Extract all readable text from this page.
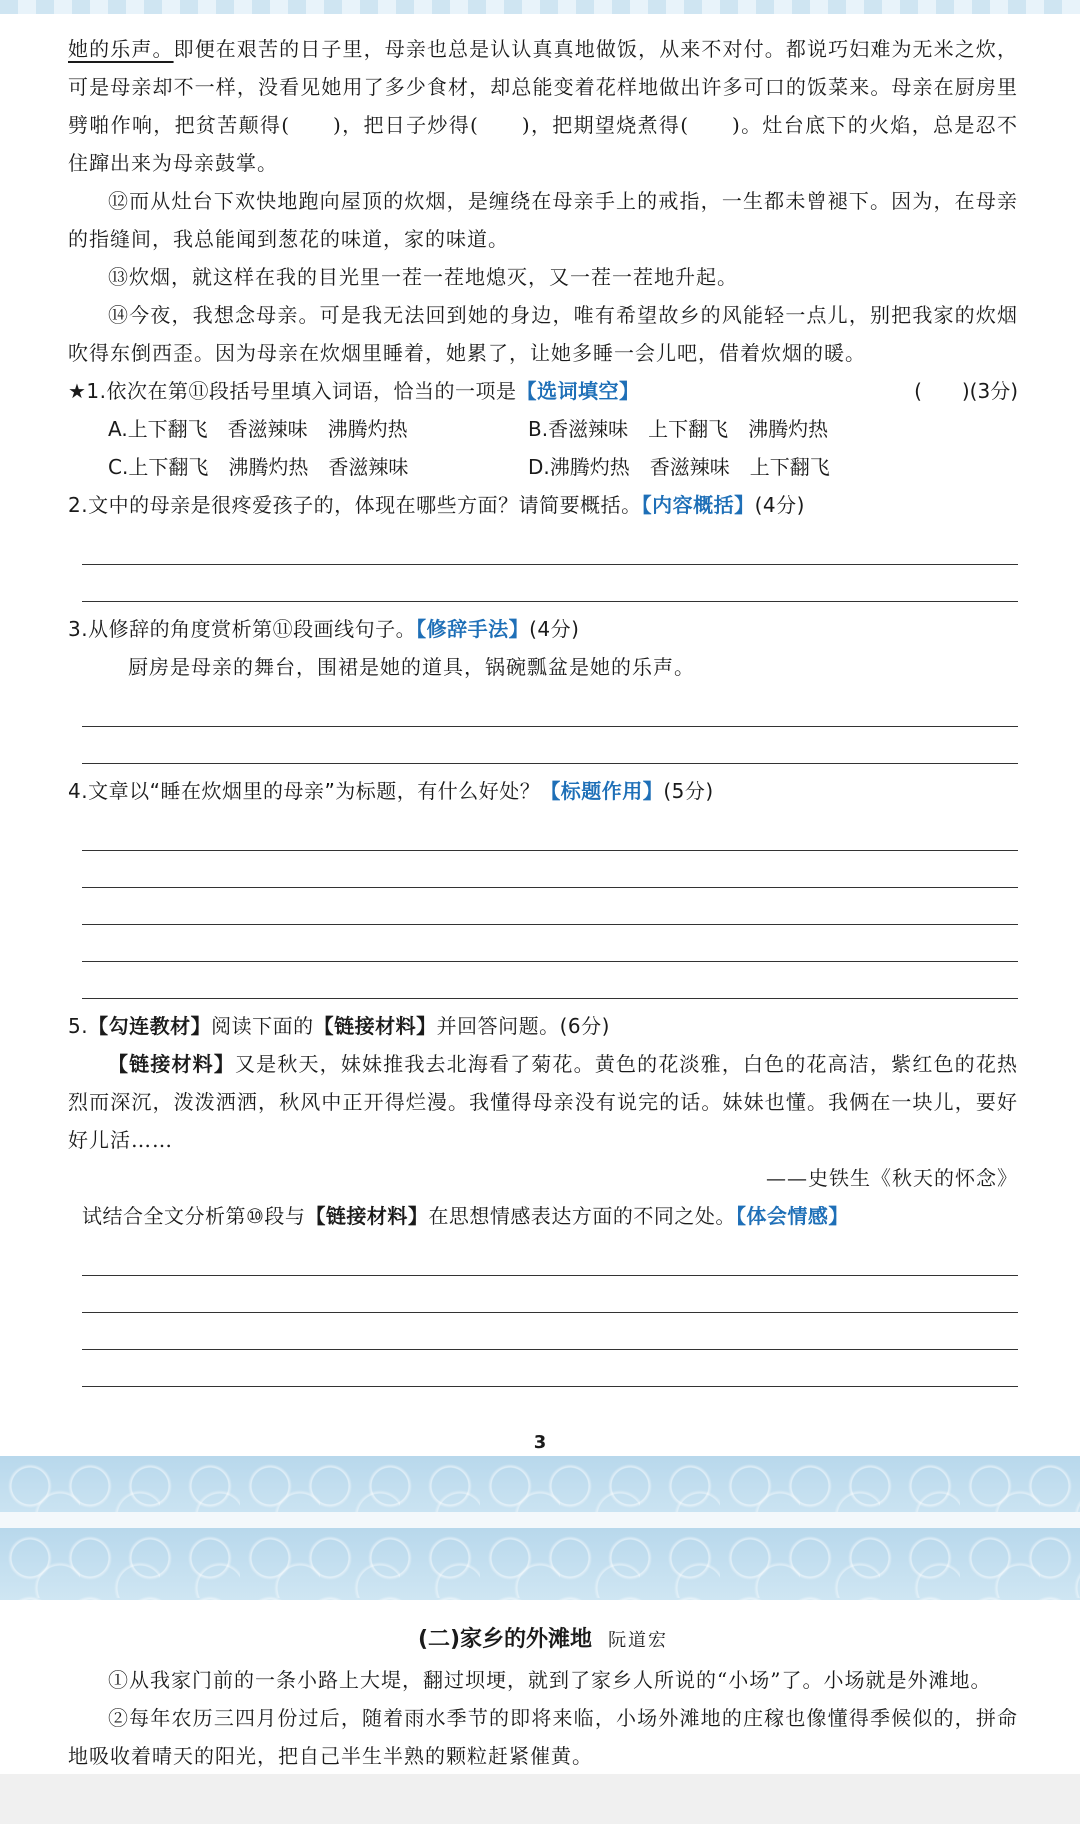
她的乐声。即便在艰苦的日子里，母亲也总是认认真真地做饭，从来不对付。都说巧妇难为无米之炊，可是母亲却不一样，没看见她用了多少食材，却总能变着花样地做出许多可口的饭菜来。母亲在厨房里劈啪作响，把贫苦颠得(　　)，把日子炒得(　　)，把期望烧煮得(　　)。灶台底下的火焰，总是忍不住蹿出来为母亲鼓掌。

⑫而从灶台下欢快地跑向屋顶的炊烟，是缠绕在母亲手上的戒指，一生都未曾褪下。因为，在母亲的指缝间，我总能闻到葱花的味道，家的味道。

⑬炊烟，就这样在我的目光里一茬一茬地熄灭，又一茬一茬地升起。

⑭今夜，我想念母亲。可是我无法回到她的身边，唯有希望故乡的风能轻一点儿，别把我家的炊烟吹得东倒西歪。因为母亲在炊烟里睡着，她累了，让她多睡一会儿吧，借着炊烟的暖。

★1.依次在第⑪段括号里填入词语，恰当的一项是【选词填空】	(　　)(3分)
A.上下翻飞　香滋辣味　沸腾灼热	B.香滋辣味　上下翻飞　沸腾灼热
C.上下翻飞　沸腾灼热　香滋辣味	D.沸腾灼热　香滋辣味　上下翻飞
2.文中的母亲是很疼爱孩子的，体现在哪些方面？请简要概括。【内容概括】(4分)
3.从修辞的角度赏析第⑪段画线句子。【修辞手法】(4分)

厨房是母亲的舞台，围裙是她的道具，锅碗瓢盆是她的乐声。

4.文章以“睡在炊烟里的母亲”为标题，有什么好处？【标题作用】(5分)
5.【勾连教材】阅读下面的【链接材料】并回答问题。(6分)

【链接材料】又是秋天，妹妹推我去北海看了菊花。黄色的花淡雅，白色的花高洁，紫红色的花热烈而深沉，泼泼洒洒，秋风中正开得烂漫。我懂得母亲没有说完的话。妹妹也懂。我俩在一块儿，要好好儿活……

——史铁生《秋天的怀念》

试结合全文分析第⑩段与【链接材料】在思想情感表达方面的不同之处。【体会情感】
3
(二)家乡的外滩地 阮道宏

①从我家门前的一条小路上大堤，翻过坝埂，就到了家乡人所说的“小场”了。小场就是外滩地。

②每年农历三四月份过后，随着雨水季节的即将来临，小场外滩地的庄稼也像懂得季候似的，拼命地吸收着晴天的阳光，把自己半生半熟的颗粒赶紧催黄。
